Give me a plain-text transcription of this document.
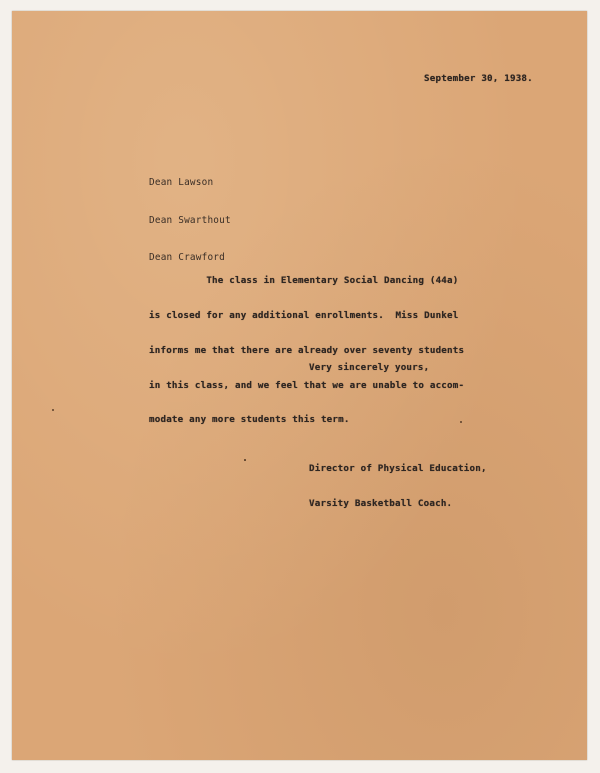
September 30, 1938.

Dean Lawson

Dean Swarthout

Dean Crawford

The class in Elementary Social Dancing (44a)

is closed for any additional enrollments.  Miss Dunkel

informs me that there are already over seventy students

in this class, and we feel that we are unable to accom-

modate any more students this term.

Very sincerely yours,

Director of Physical Education,

Varsity Basketball Coach.
